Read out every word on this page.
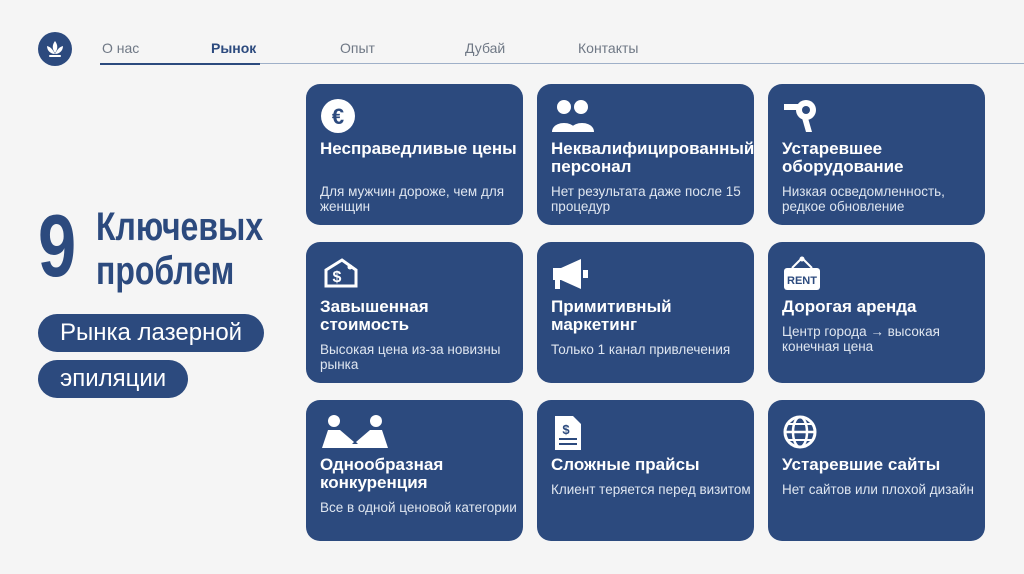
О нас	Рынок	Опыт	Дубай	Контакты
9 Ключевых
проблем
Рынка лазерной
эпиляции
€
Несправедливые цены
Для мужчин дороже, чем для женщин
Неквалифицированный персонал
Нет результата даже после 15 процедур
Устаревшее оборудование
Низкая осведомленность, редкое обновление
$
Завышенная стоимость
Высокая цена из-за новизны рынка
Примитивный маркетинг
Только 1 канал привлечения
RENT
Дорогая аренда
Центр города → высокая конечная цена
Однообразная конкуренция
Все в одной ценовой категории
$
Сложные прайсы
Клиент теряется перед визитом
Устаревшие сайты
Нет сайтов или плохой дизайн
